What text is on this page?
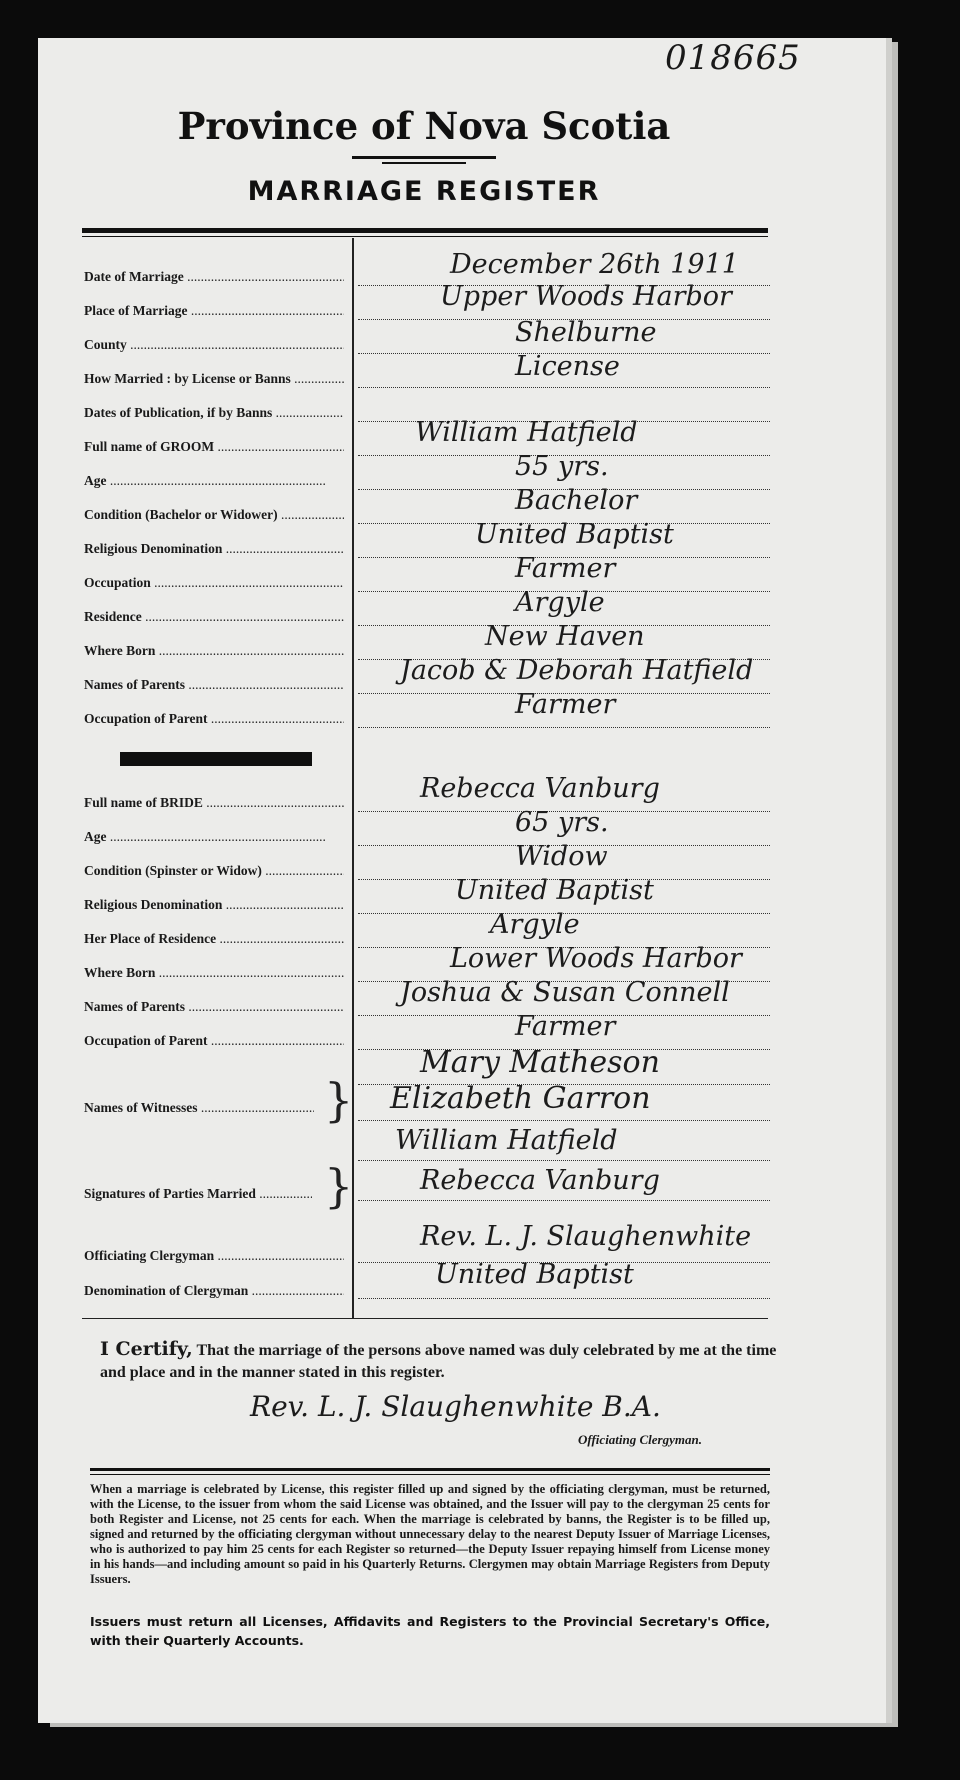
018665
Province of Nova Scotia
MARRIAGE REGISTER
Date of Marriage .....	December 26th 1911
Place of Marriage .....	Upper Woods Harbor
County .....	Shelburne
How Married : by License or Banns .....	License
Dates of Publication, if by Banns .....
Full name of GROOM .....	William Hatfield
Age .....	55 yrs.
Condition (Bachelor or Widower) .....	Bachelor
Religious Denomination .....	United Baptist
Occupation .....	Farmer
Residence .....	Argyle
Where Born .....	New Haven
Names of Parents .....	Jacob & Deborah Hatfield
Occupation of Parent .....	Farmer
Full name of BRIDE .....	Rebecca Vanburg
Age .....	65 yrs.
Condition (Spinster or Widow) .....	Widow
Religious Denomination .....	United Baptist
Her Place of Residence .....	Argyle
Where Born .....	Lower Woods Harbor
Names of Parents .....	Joshua & Susan Connell
Occupation of Parent .....	Farmer
Names of Witnesses .....	}
Mary Matheson
Elizabeth Garron
Signatures of Parties Married .....	}
William Hatfield
Rebecca Vanburg
Officiating Clergyman .....
Rev. L. J. Slaughenwhite
Denomination of Clergyman .....
United Baptist
I Certify, That the marriage of the persons above named was duly celebrated by me at the time and place and in the manner stated in this register.
Rev. L. J. Slaughenwhite B.A.
Officiating Clergyman.
When a marriage is celebrated by License, this register filled up and signed by the officiating clergyman, must be returned, with the License, to the issuer from whom the said License was obtained, and the Issuer will pay to the clergyman 25 cents for both Register and License, not 25 cents for each. When the marriage is celebrated by banns, the Register is to be filled up, signed and returned by the officiating clergyman without unnecessary delay to the nearest Deputy Issuer of Marriage Licenses, who is authorized to pay him 25 cents for each Register so returned—the Deputy Issuer repaying himself from License money in his hands—and including amount so paid in his Quarterly Returns. Clergymen may obtain Marriage Registers from Deputy Issuers.
Issuers must return all Licenses, Affidavits and Registers to the Provincial Secretary's Office, with their Quarterly Accounts.
